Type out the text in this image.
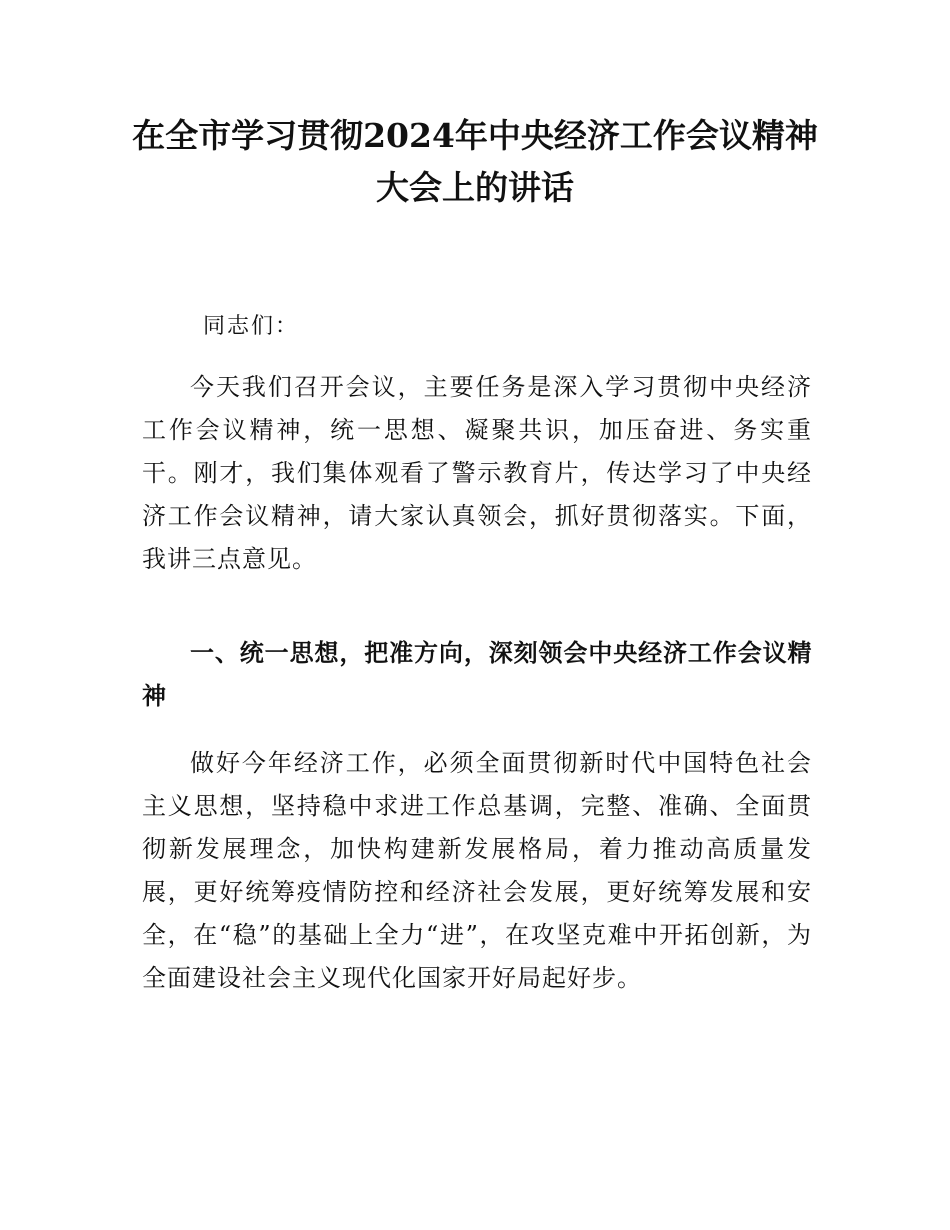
在全市学习贯彻2024年中央经济工作会议精神大会上的讲话

同志们：

今天我们召开会议，主要任务是深入学习贯彻中央经济工作会议精神，统一思想、凝聚共识，加压奋进、务实重干。刚才，我们集体观看了警示教育片，传达学习了中央经济工作会议精神，请大家认真领会，抓好贯彻落实。下面，我讲三点意见。

一、统一思想，把准方向，深刻领会中央经济工作会议精神

做好今年经济工作，必须全面贯彻新时代中国特色社会主义思想，坚持稳中求进工作总基调，完整、准确、全面贯彻新发展理念，加快构建新发展格局，着力推动高质量发展，更好统筹疫情防控和经济社会发展，更好统筹发展和安全，在“稳”的基础上全力“进”，在攻坚克难中开拓创新，为全面建设社会主义现代化国家开好局起好步。
